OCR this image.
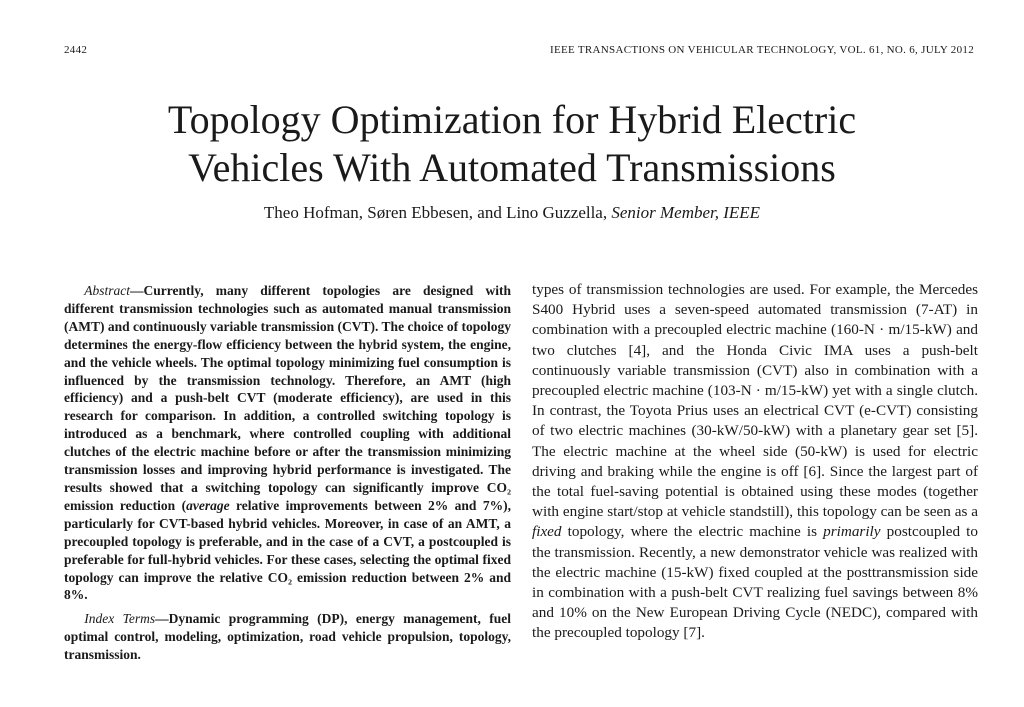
2442	IEEE TRANSACTIONS ON VEHICULAR TECHNOLOGY, VOL. 61, NO. 6, JULY 2012
Topology Optimization for Hybrid Electric
Vehicles With Automated Transmissions
Theo Hofman, Søren Ebbesen, and Lino Guzzella, Senior Member, IEEE

Abstract—Currently, many different topologies are designed with different transmission technologies such as automated manual transmission (AMT) and continuously variable transmission (CVT). The choice of topology determines the energy-flow efficiency between the hybrid system, the engine, and the vehicle wheels. The optimal topology minimizing fuel consumption is influenced by the transmission technology. Therefore, an AMT (high efficiency) and a push-belt CVT (moderate efficiency), are used in this research for comparison. In addition, a controlled switching topology is introduced as a benchmark, where controlled coupling with additional clutches of the electric machine before or after the transmission minimizing transmission losses and improving hybrid performance is investigated. The results showed that a switching topology can significantly improve CO₂ emission reduction (average relative improvements between 2% and 7%), particularly for CVT-based hybrid vehicles. Moreover, in case of an AMT, a precoupled topology is preferable, and in the case of a CVT, a postcoupled is preferable for full-hybrid vehicles. For these cases, selecting the optimal fixed topology can improve the relative CO₂ emission reduction between 2% and 8%.

Index Terms—Dynamic programming (DP), energy management, fuel optimal control, modeling, optimization, road vehicle propulsion, topology, transmission.

types of transmission technologies are used. For example, the Mercedes S400 Hybrid uses a seven-speed automated transmission (7-AT) in combination with a precoupled electric machine (160-N · m/15-kW) and two clutches [4], and the Honda Civic IMA uses a push-belt continuously variable transmission (CVT) also in combination with a precoupled electric machine (103-N · m/15-kW) yet with a single clutch. In contrast, the Toyota Prius uses an electrical CVT (e-CVT) consisting of two electric machines (30-kW/50-kW) with a planetary gear set [5]. The electric machine at the wheel side (50-kW) is used for electric driving and braking while the engine is off [6]. Since the largest part of the total fuel-saving potential is obtained using these modes (together with engine start/stop at vehicle standstill), this topology can be seen as a fixed topology, where the electric machine is primarily postcoupled to the transmission. Recently, a new demonstrator vehicle was realized with the electric machine (15-kW) fixed coupled at the posttransmission side in combination with a push-belt CVT realizing fuel savings between 8% and 10% on the New European Driving Cycle (NEDC), compared with the precoupled topology [7].
